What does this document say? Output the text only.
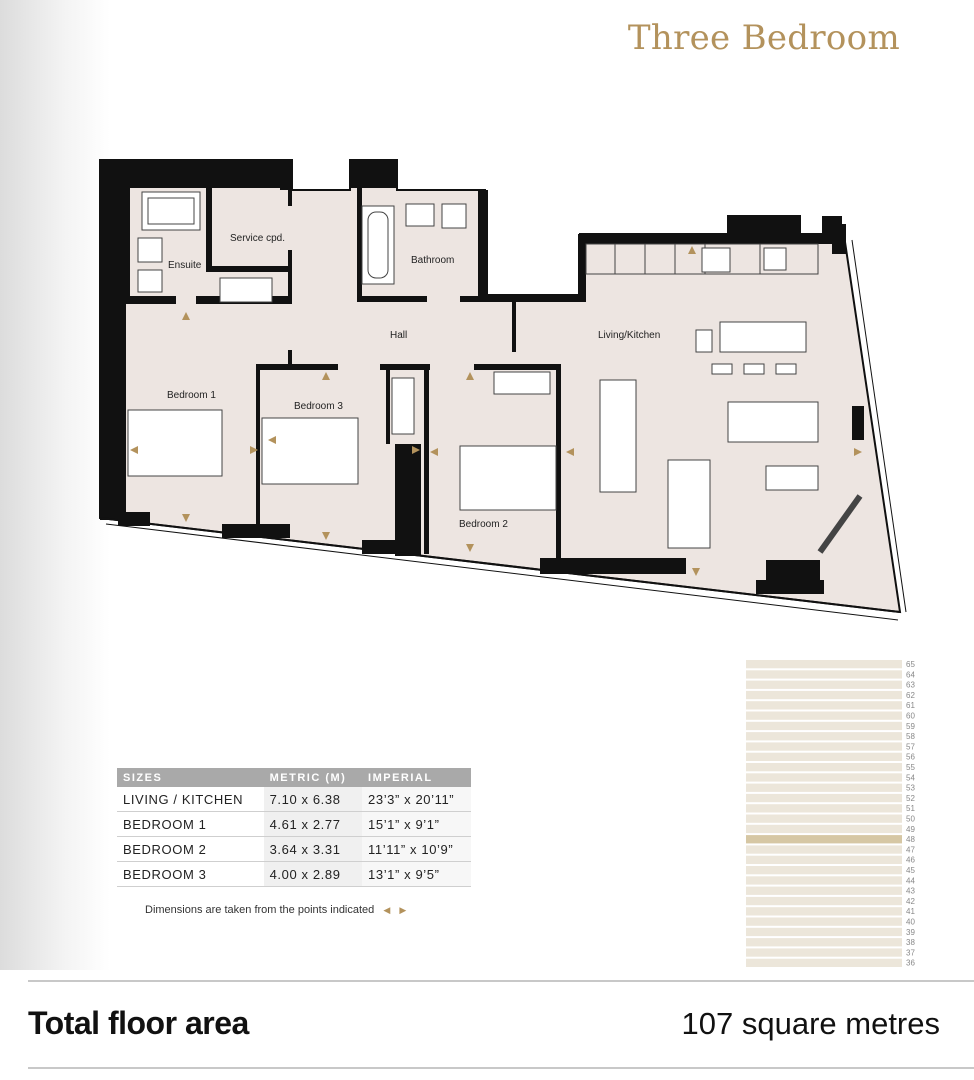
Three Bedroom
Ensuite
Service cpd.
Bathroom
Hall	Living/Kitchen
Bedroom 1
Bedroom 3
Bedroom 2
65
64
63
62
61
60
59
58
57
56
55
54
53
52
51
50
49
48
47
46
45
44
43
42
41
40
39
38
37
36
SIZES	METRIC (M)	IMPERIAL
LIVING / KITCHEN	7.10 x 6.38	23’3” x 20’11”
BEDROOM 1	4.61 x 2.77	15’1” x 9’1”
BEDROOM 2	3.64 x 3.31	11’11” x 10’9”
BEDROOM 3	4.00 x 2.89	13’1” x 9’5”
Dimensions are taken from the points indicated ◀ ▶
Total floor area	107 square metres
